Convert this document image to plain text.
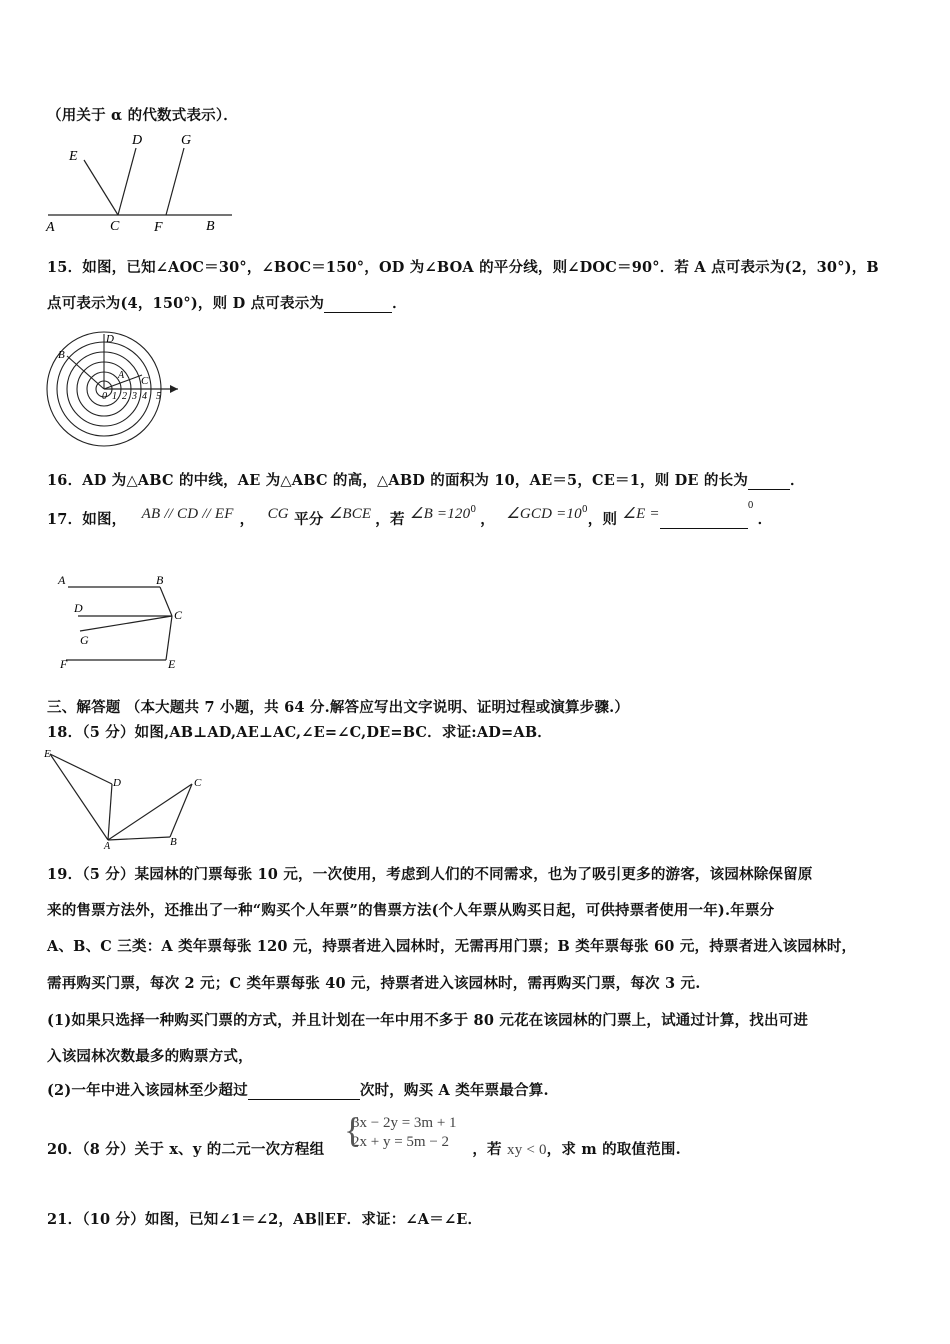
（用关于 α 的代数式表示）．
E
D	G
A	C F	B
15．如图，已知∠AOC＝30°，∠BOC＝150°，OD 为∠BOA 的平分线，则∠DOC＝90°．若 A 点可表示为(2，30°)，B
点可表示为(4，150°)，则 D 点可表示为	．
D
B
A C
0 1 2 3 4 5
16．AD 为△ABC 的中线，AE 为△ABC 的高，△ABD 的面积为 10，AE＝5，CE＝1，则 DE 的长为	．
17．如图， AB // CD // EF ， CG 平分 ∠BCE ，若 ∠B $=120^0$， ∠GCD $=10^0$，则 ∠E =	$^0$．
A	B
D	C
G
F	E
三、解答题 （本大题共 7 小题，共 64 分.解答应写出文字说明、证明过程或演算步骤.）
18．（5 分）如图,AB⊥AD,AE⊥AC,∠E=∠C,DE=BC．求证:AD=AB．
E
D	C
A	B
19．（5 分）某园林的门票每张 10 元，一次使用，考虑到人们的不同需求，也为了吸引更多的游客，该园林除保留原
来的售票方法外，还推出了一种“购买个人年票”的售票方法(个人年票从购买日起，可供持票者使用一年).年票分
A、B、C 三类：A 类年票每张 120 元，持票者进入园林时，无需再用门票；B 类年票每张 60 元，持票者进入该园林时，
需再购买门票，每次 2 元；C 类年票每张 40 元，持票者进入该园林时，需再购买门票，每次 3 元.
(1)如果只选择一种购买门票的方式，并且计划在一年中用不多于 80 元花在该园林的门票上，试通过计算，找出可进
入该园林次数最多的购票方式，
(2)一年中进入该园林至少超过	次时，购买 A 类年票最合算.
20．（8 分）关于 x、y 的二元一次方程组	，若 xy < 0，求 m 的取值范围.
{
3x − 2y = 3m + 1
2x + y = 5m − 2
21．（10 分）如图，已知∠1＝∠2，AB∥EF．求证：∠A＝∠E．
